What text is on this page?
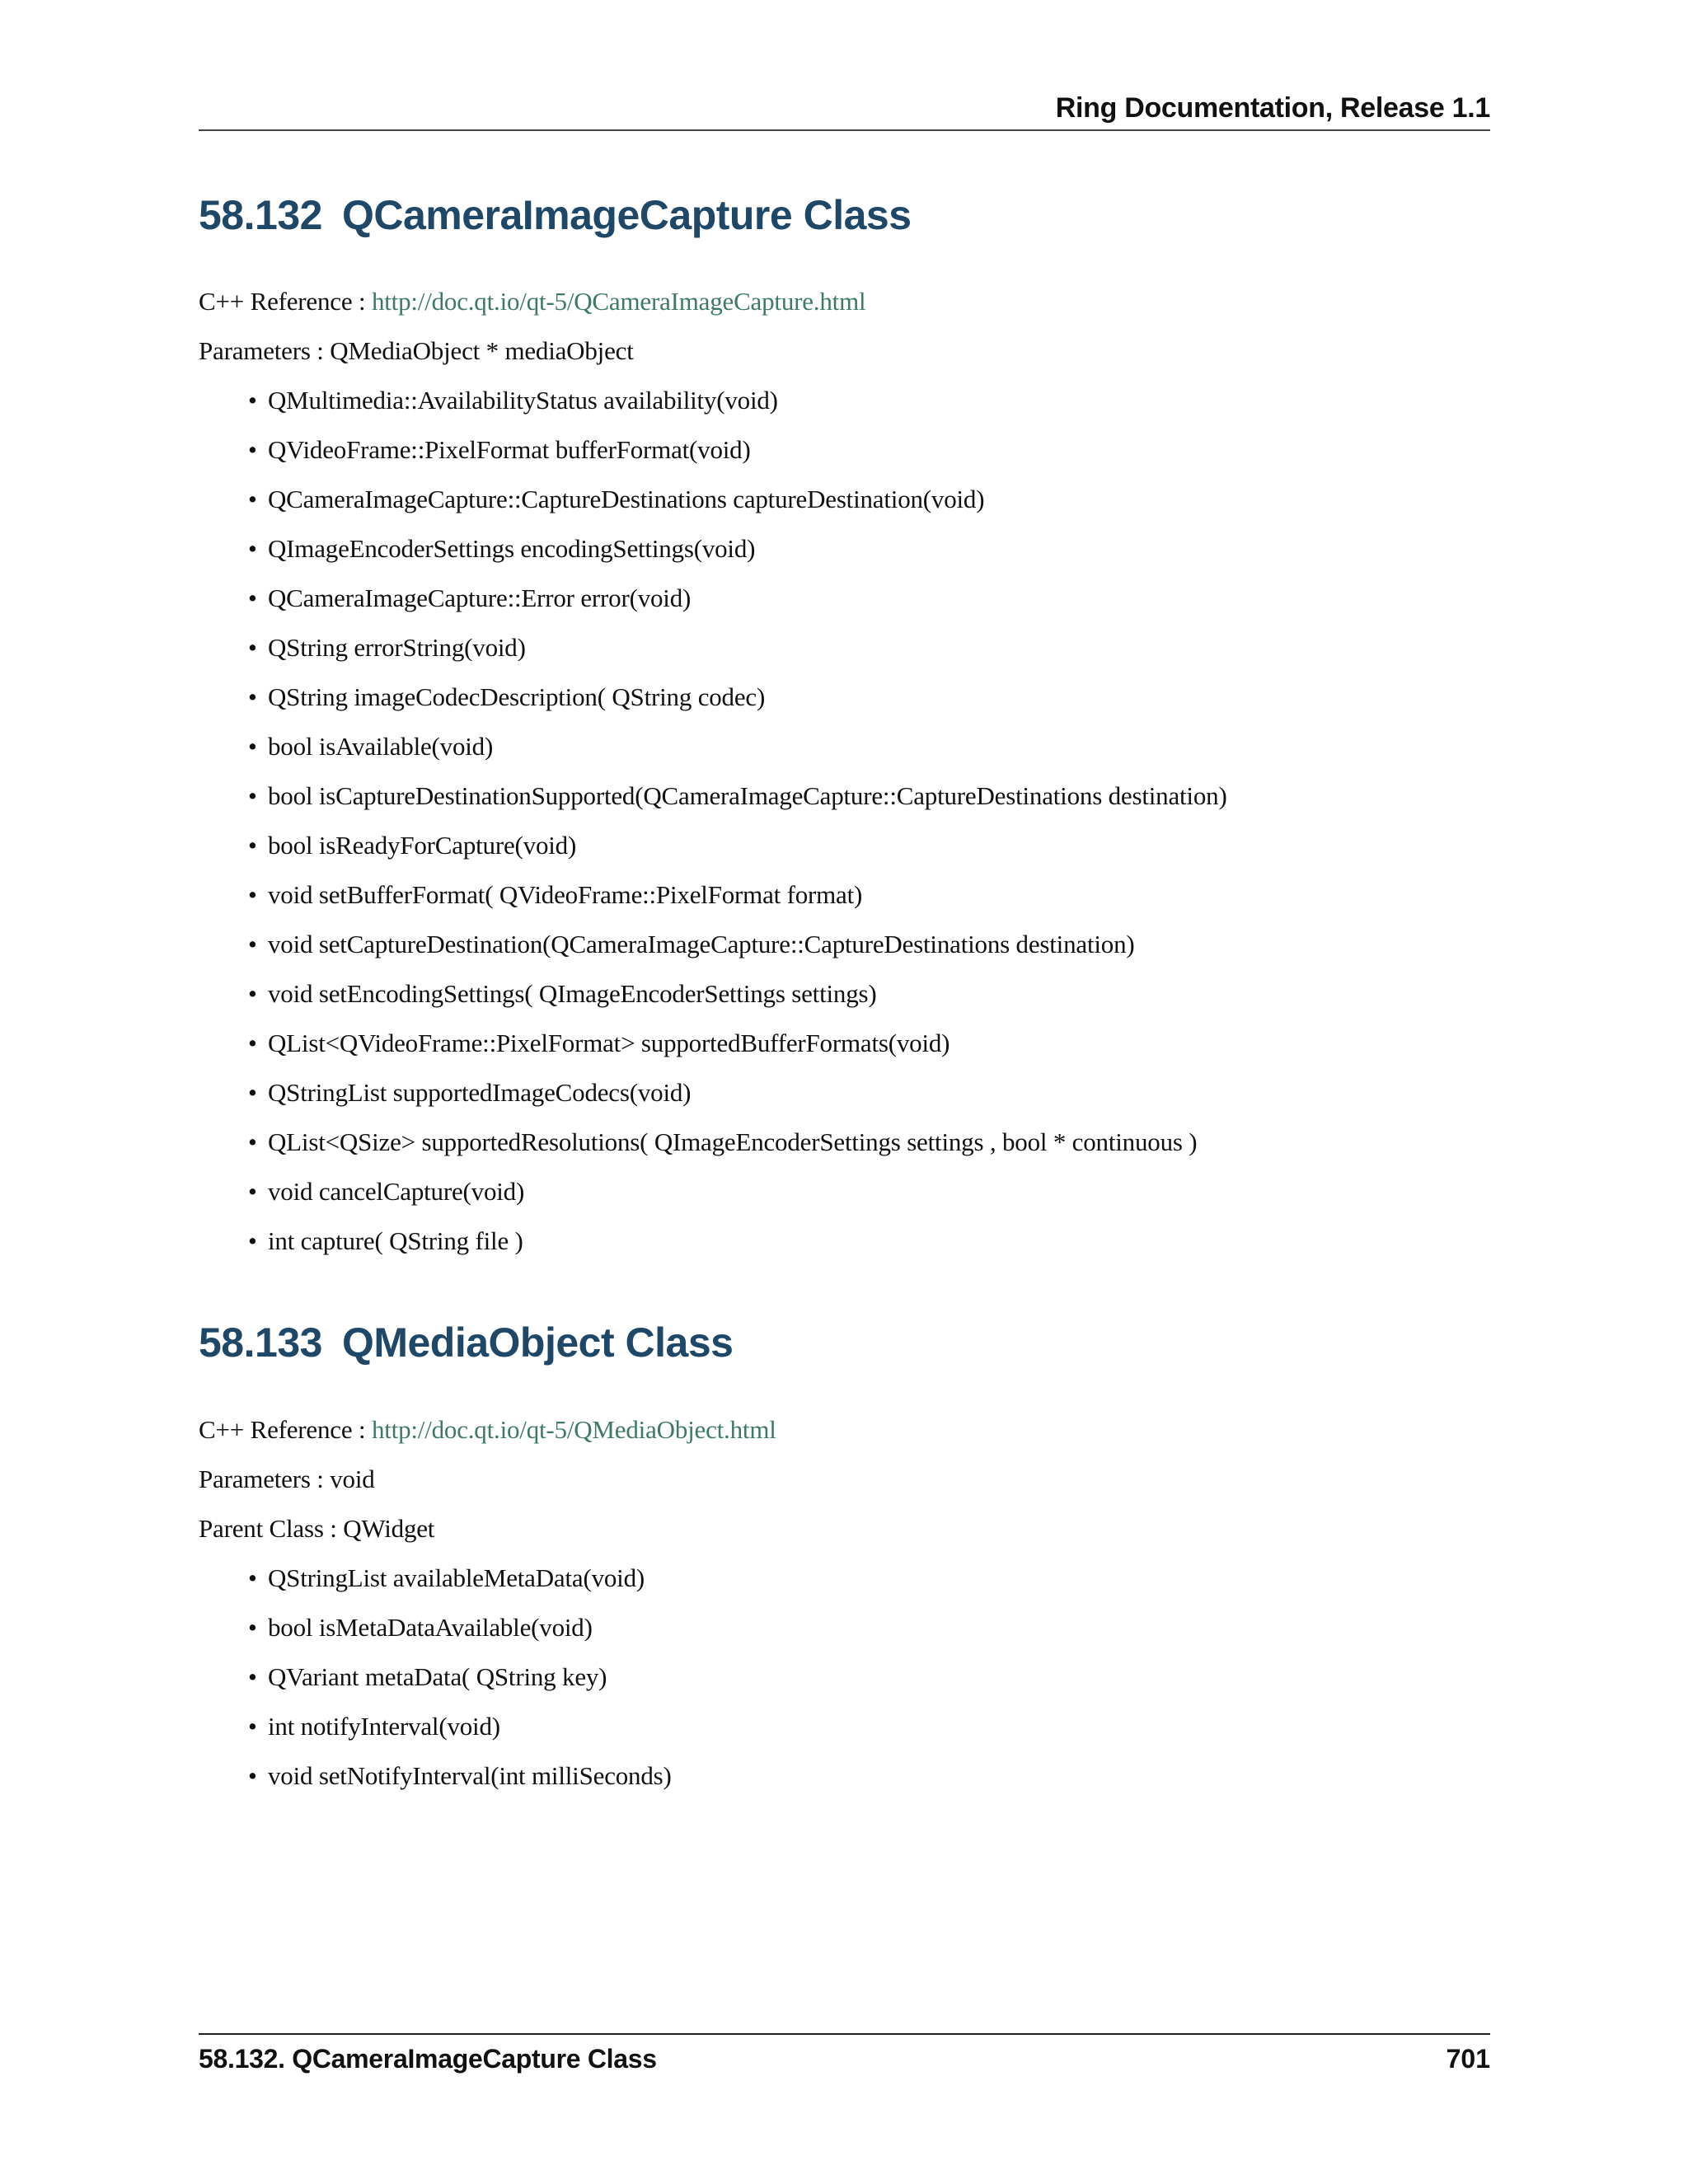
Ring Documentation, Release 1.1
58.132 QCameraImageCapture Class

C++ Reference : http://doc.qt.io/qt-5/QCameraImageCapture.html

Parameters : QMediaObject * mediaObject

• QMultimedia::AvailabilityStatus availability(void)
• QVideoFrame::PixelFormat bufferFormat(void)
• QCameraImageCapture::CaptureDestinations captureDestination(void)
• QImageEncoderSettings encodingSettings(void)
• QCameraImageCapture::Error error(void)
• QString errorString(void)
• QString imageCodecDescription( QString codec)
• bool isAvailable(void)
• bool isCaptureDestinationSupported(QCameraImageCapture::CaptureDestinations destination)
• bool isReadyForCapture(void)
• void setBufferFormat( QVideoFrame::PixelFormat format)
• void setCaptureDestination(QCameraImageCapture::CaptureDestinations destination)
• void setEncodingSettings( QImageEncoderSettings settings)
• QList<QVideoFrame::PixelFormat> supportedBufferFormats(void)
• QStringList supportedImageCodecs(void)
• QList<QSize> supportedResolutions( QImageEncoderSettings settings , bool * continuous )
• void cancelCapture(void)
• int capture( QString file )
58.133 QMediaObject Class

C++ Reference : http://doc.qt.io/qt-5/QMediaObject.html

Parameters : void

Parent Class : QWidget

• QStringList availableMetaData(void)
• bool isMetaDataAvailable(void)
• QVariant metaData( QString key)
• int notifyInterval(void)
• void setNotifyInterval(int milliSeconds)
58.132. QCameraImageCapture Class	701
